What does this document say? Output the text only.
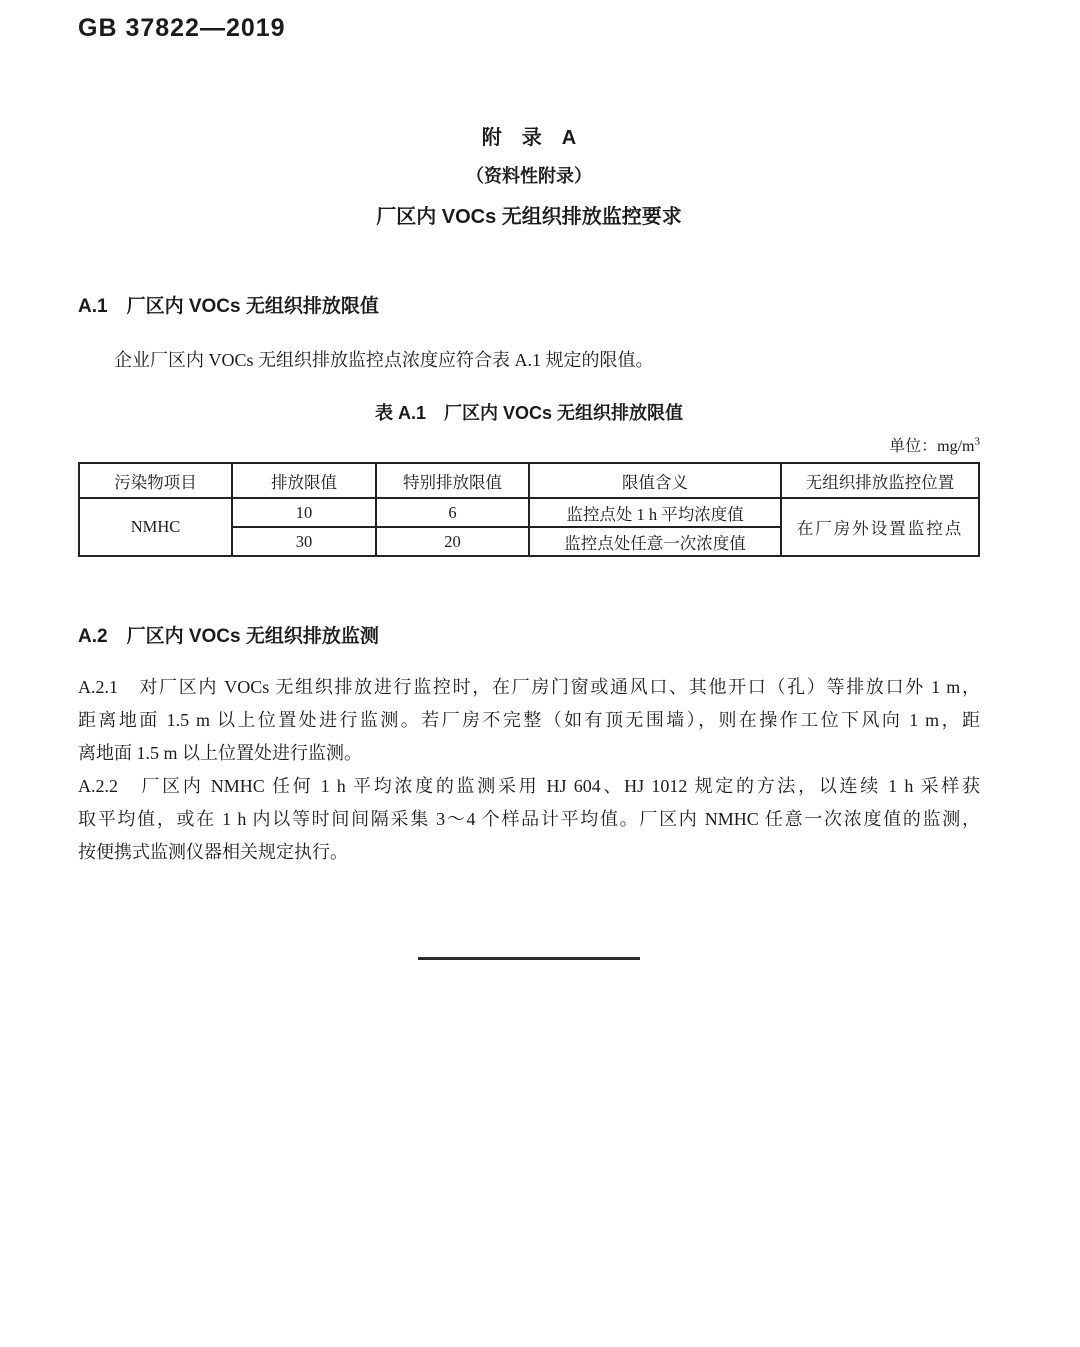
GB 37822—2019
附　录　A
（资料性附录）
厂区内 VOCs 无组织排放监控要求
A.1　厂区内 VOCs 无组织排放限值
企业厂区内 VOCs 无组织排放监控点浓度应符合表 A.1 规定的限值。
表 A.1　厂区内 VOCs 无组织排放限值
单位：$mg/m^3$
污染物项目	排放限值	特别排放限值	限值含义	无组织排放监控位置
NMHC	10	6	监控点处 1 h 平均浓度值	在厂房外设置监控点
	30	20	监控点处任意一次浓度值	
A.2　厂区内 VOCs 无组织排放监测
A.2.1　对厂区内 VOCs 无组织排放进行监控时，在厂房门窗或通风口、其他开口（孔）等排放口外 1 m，
距离地面 1.5 m 以上位置处进行监测。若厂房不完整（如有顶无围墙），则在操作工位下风向 1 m，距
离地面 1.5 m 以上位置处进行监测。
A.2.2　厂区内 NMHC 任何 1 h 平均浓度的监测采用 HJ 604、HJ 1012 规定的方法，以连续 1 h 采样获
取平均值，或在 1 h 内以等时间间隔采集 3～4 个样品计平均值。厂区内 NMHC 任意一次浓度值的监测，
按便携式监测仪器相关规定执行。
